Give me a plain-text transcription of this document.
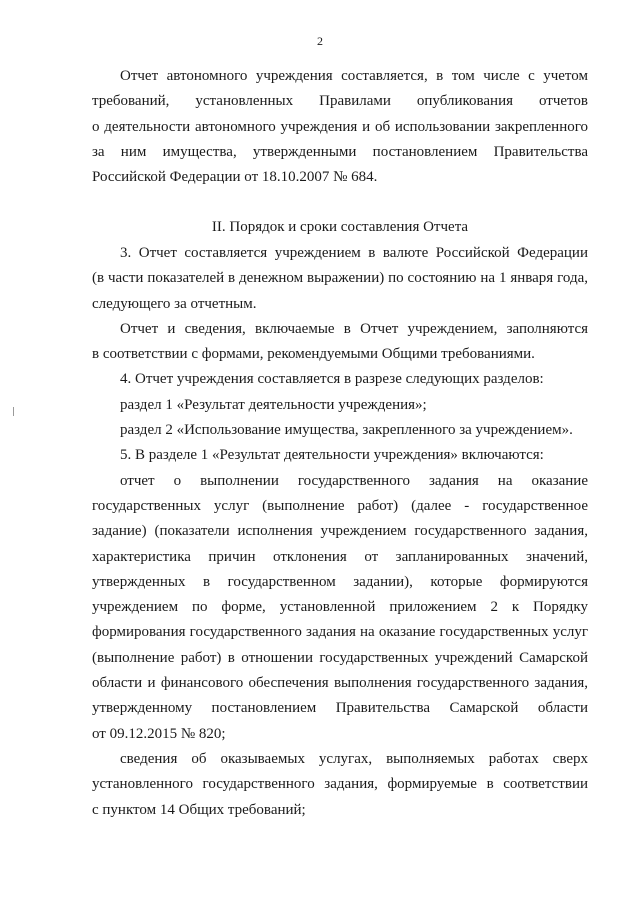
2
Отчет автономного учреждения составляется, в том числе с учетом
требований, установленных Правилами опубликования отчетов
о деятельности автономного учреждения и об использовании закрепленного
за ним имущества, утвержденными постановлением Правительства
Российской Федерации от 18.10.2007 № 684.
II. Порядок и сроки составления Отчета
3. Отчет составляется учреждением в валюте Российской Федерации
(в части показателей в денежном выражении) по состоянию на 1 января года,
следующего за отчетным.
Отчет и сведения, включаемые в Отчет учреждением, заполняются
в соответствии с формами, рекомендуемыми Общими требованиями.
4. Отчет учреждения составляется в разрезе следующих разделов:
раздел 1 «Результат деятельности учреждения»;
раздел 2 «Использование имущества, закрепленного за учреждением».
5. В разделе 1 «Результат деятельности учреждения» включаются:
отчет о выполнении государственного задания на оказание
государственных услуг (выполнение работ) (далее - государственное
задание) (показатели исполнения учреждением государственного задания,
характеристика причин отклонения от запланированных значений,
утвержденных в государственном задании), которые формируются
учреждением по форме, установленной приложением 2 к Порядку
формирования государственного задания на оказание государственных услуг
(выполнение работ) в отношении государственных учреждений Самарской
области и финансового обеспечения выполнения государственного задания,
утвержденному постановлением Правительства Самарской области
от 09.12.2015 № 820;
сведения об оказываемых услугах, выполняемых работах сверх
установленного государственного задания, формируемые в соответствии
с пунктом 14 Общих требований;
